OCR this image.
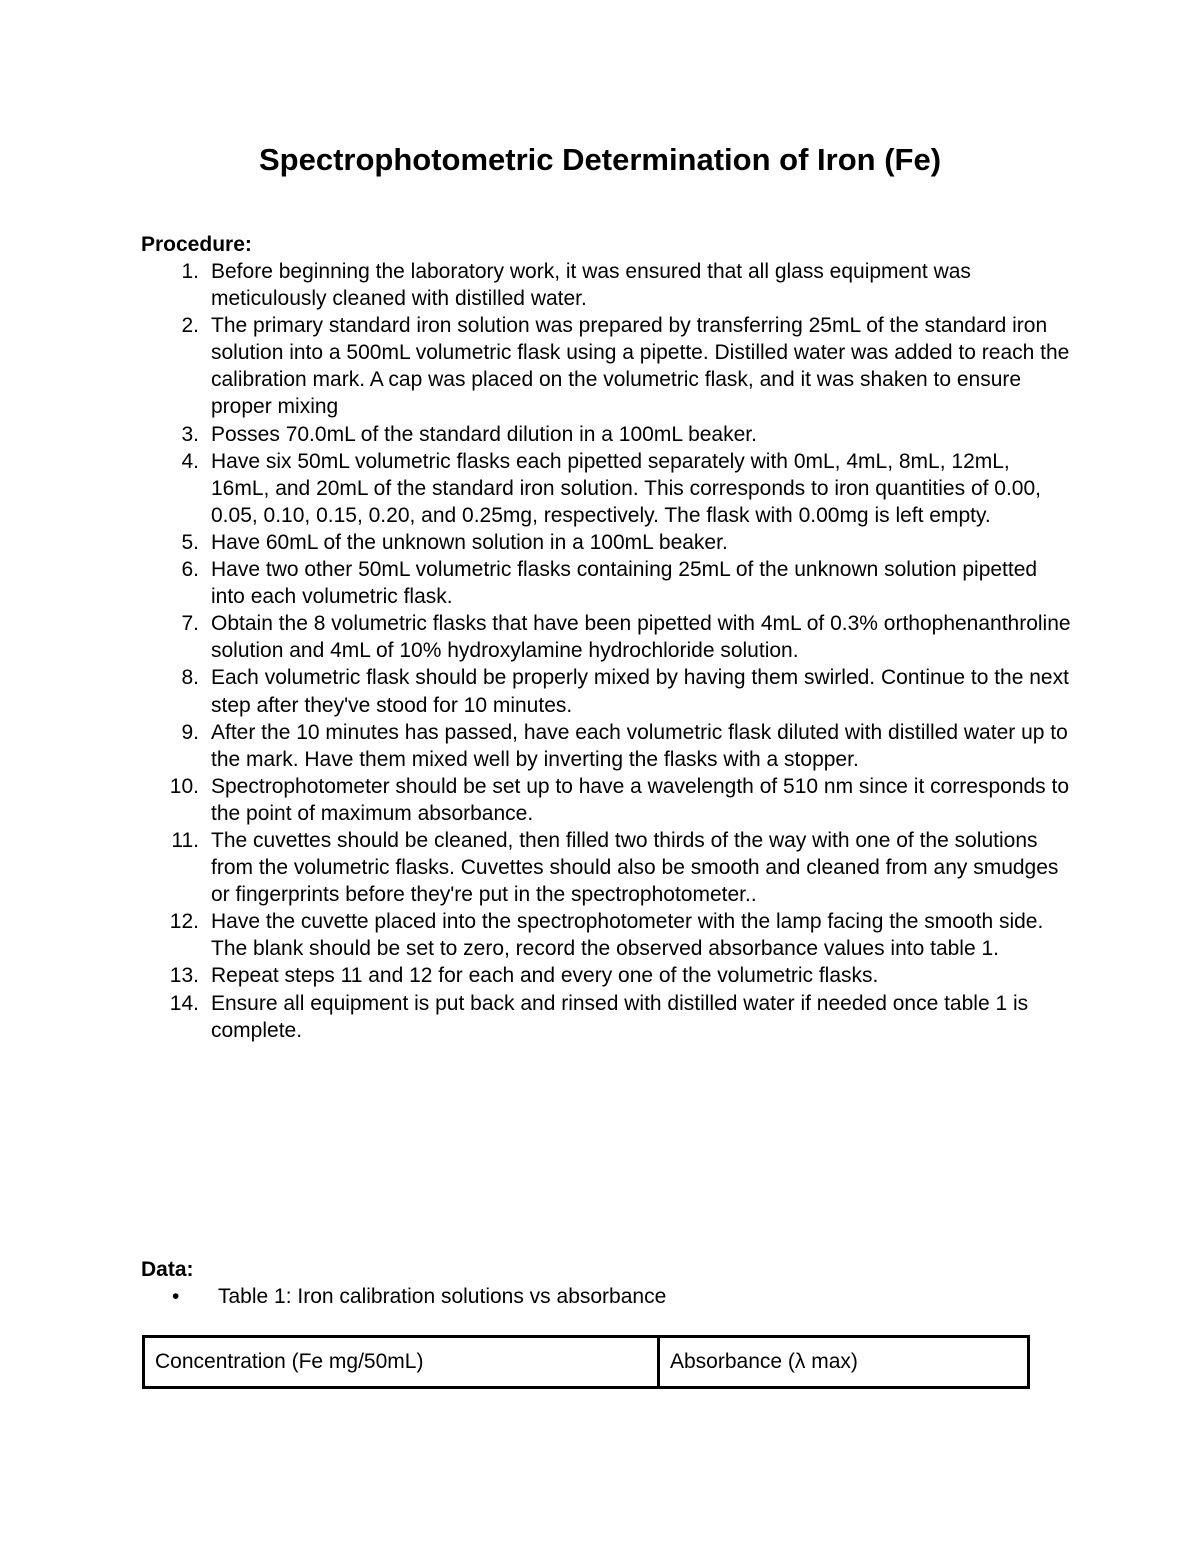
Spectrophotometric Determination of Iron (Fe)
Procedure:
1. Before beginning the laboratory work, it was ensured that all glass equipment was meticulously cleaned with distilled water.
2. The primary standard iron solution was prepared by transferring 25mL of the standard iron solution into a 500mL volumetric flask using a pipette. Distilled water was added to reach the calibration mark. A cap was placed on the volumetric flask, and it was shaken to ensure proper mixing
3. Posses 70.0mL of the standard dilution in a 100mL beaker.
4. Have six 50mL volumetric flasks each pipetted separately with 0mL, 4mL, 8mL, 12mL, 16mL, and 20mL of the standard iron solution. This corresponds to iron quantities of 0.00, 0.05, 0.10, 0.15, 0.20, and 0.25mg, respectively. The flask with 0.00mg is left empty.
5. Have 60mL of the unknown solution in a 100mL beaker.
6. Have two other 50mL volumetric flasks containing 25mL of the unknown solution pipetted into each volumetric flask.
7. Obtain the 8 volumetric flasks that have been pipetted with 4mL of 0.3% orthophenanthroline solution and 4mL of 10% hydroxylamine hydrochloride solution.
8. Each volumetric flask should be properly mixed by having them swirled. Continue to the next step after they've stood for 10 minutes.
9. After the 10 minutes has passed, have each volumetric flask diluted with distilled water up to the mark. Have them mixed well by inverting the flasks with a stopper.
10. Spectrophotometer should be set up to have a wavelength of 510 nm since it corresponds to the point of maximum absorbance.
11. The cuvettes should be cleaned, then filled two thirds of the way with one of the solutions from the volumetric flasks. Cuvettes should also be smooth and cleaned from any smudges or fingerprints before they're put in the spectrophotometer..
12. Have the cuvette placed into the spectrophotometer with the lamp facing the smooth side. The blank should be set to zero, record the observed absorbance values into table 1.
13. Repeat steps 11 and 12 for each and every one of the volumetric flasks.
14. Ensure all equipment is put back and rinsed with distilled water if needed once table 1 is complete.
Data:
• Table 1: Iron calibration solutions vs absorbance
Concentration (Fe mg/50mL)	Absorbance (λ max)
